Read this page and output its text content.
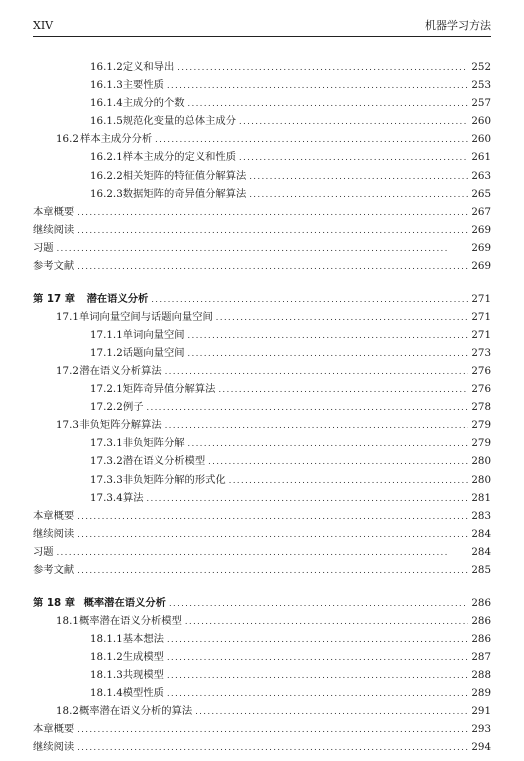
XIV	机器学习方法
16.1.2 定义和导出 . . .	252
16.1.3 主要性质 . . .	253
16.1.4 主成分的个数 . . .	257
16.1.5 规范化变量的总体主成分 . . .	260
16.2 样本主成分分析 . . .	260
16.2.1 样本主成分的定义和性质 . . .	261
16.2.2 相关矩阵的特征值分解算法 . . .	263
16.2.3 数据矩阵的奇异值分解算法 . . .	265
本章概要 . . .	267
继续阅读 . . .	269
习题 . . .	269
参考文献 . . .	269
第 17 章	潜在语义分析 . . .	271
17.1 单词向量空间与话题向量空间 . . .	271
17.1.1 单词向量空间 . . .	271
17.1.2 话题向量空间 . . .	273
17.2 潜在语义分析算法 . . .	276
17.2.1 矩阵奇异值分解算法 . . .	276
17.2.2 例子 . . .	278
17.3 非负矩阵分解算法 . . .	279
17.3.1 非负矩阵分解 . . .	279
17.3.2 潜在语义分析模型 . . .	280
17.3.3 非负矩阵分解的形式化 . . .	280
17.3.4 算法 . . .	281
本章概要 . . .	283
继续阅读 . . .	284
习题 . . .	284
参考文献 . . .	285
第 18 章 概率潜在语义分析 . . .	286
18.1 概率潜在语义分析模型 . . .	286
18.1.1 基本想法 . . .	286
18.1.2 生成模型 . . .	287
18.1.3 共现模型 . . .	288
18.1.4 模型性质 . . .	289
18.2 概率潜在语义分析的算法 . . .	291
本章概要 . . .	293
继续阅读 . . .	294
